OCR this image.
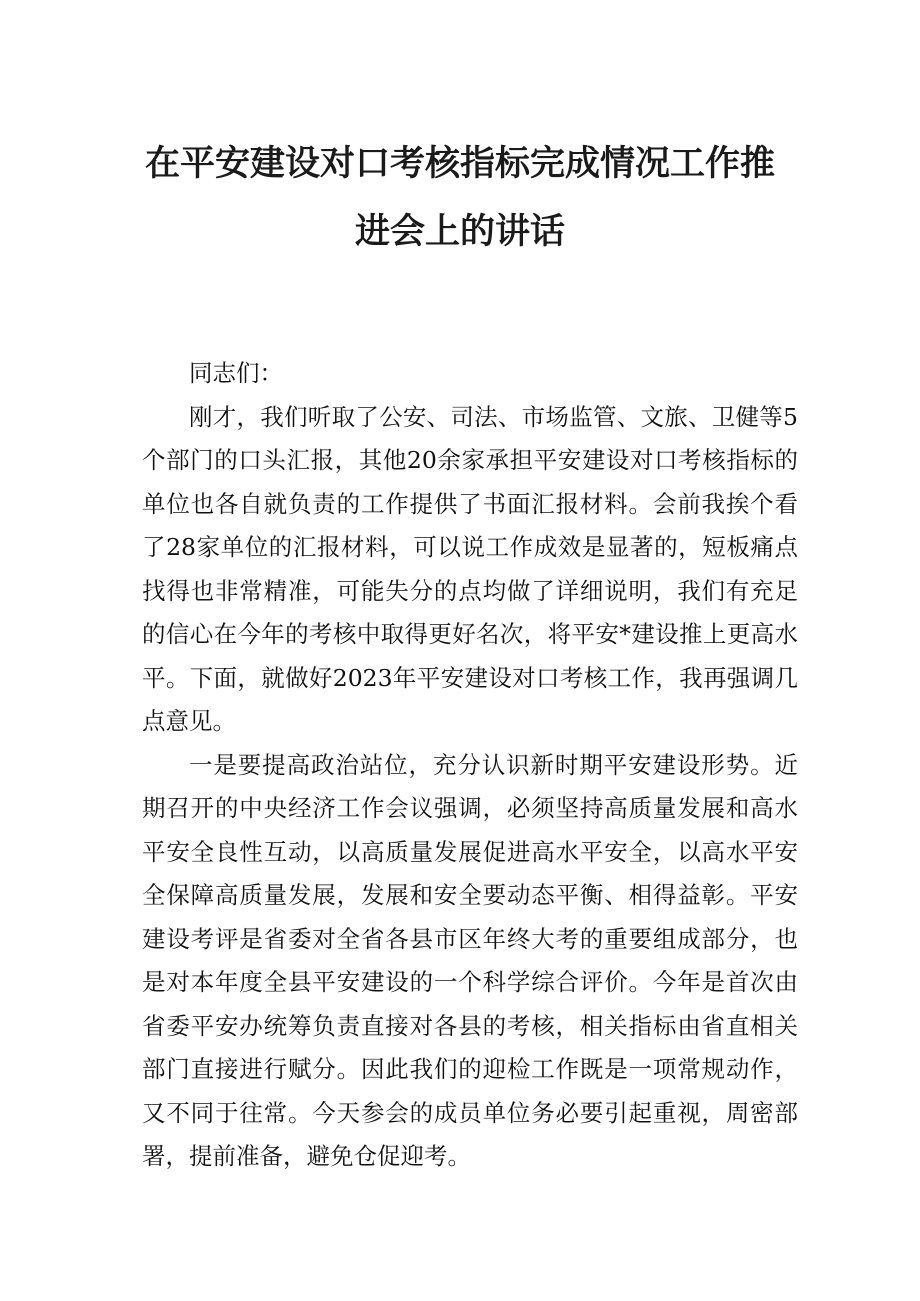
在平安建设对口考核指标完成情况工作推
进会上的讲话

同志们：

刚才，我们听取了公安、司法、市场监管、文旅、卫健等5个部门的口头汇报，其他20余家承担平安建设对口考核指标的单位也各自就负责的工作提供了书面汇报材料。会前我挨个看了28家单位的汇报材料，可以说工作成效是显著的，短板痛点找得也非常精准，可能失分的点均做了详细说明，我们有充足的信心在今年的考核中取得更好名次，将平安*建设推上更高水平。下面，就做好2023年平安建设对口考核工作，我再强调几点意见。

一是要提高政治站位，充分认识新时期平安建设形势。近期召开的中央经济工作会议强调，必须坚持高质量发展和高水平安全良性互动，以高质量发展促进高水平安全，以高水平安全保障高质量发展，发展和安全要动态平衡、相得益彰。平安建设考评是省委对全省各县市区年终大考的重要组成部分，也是对本年度全县平安建设的一个科学综合评价。今年是首次由省委平安办统筹负责直接对各县的考核，相关指标由省直相关部门直接进行赋分。因此我们的迎检工作既是一项常规动作，又不同于往常。今天参会的成员单位务必要引起重视，周密部署，提前准备，避免仓促迎考。
